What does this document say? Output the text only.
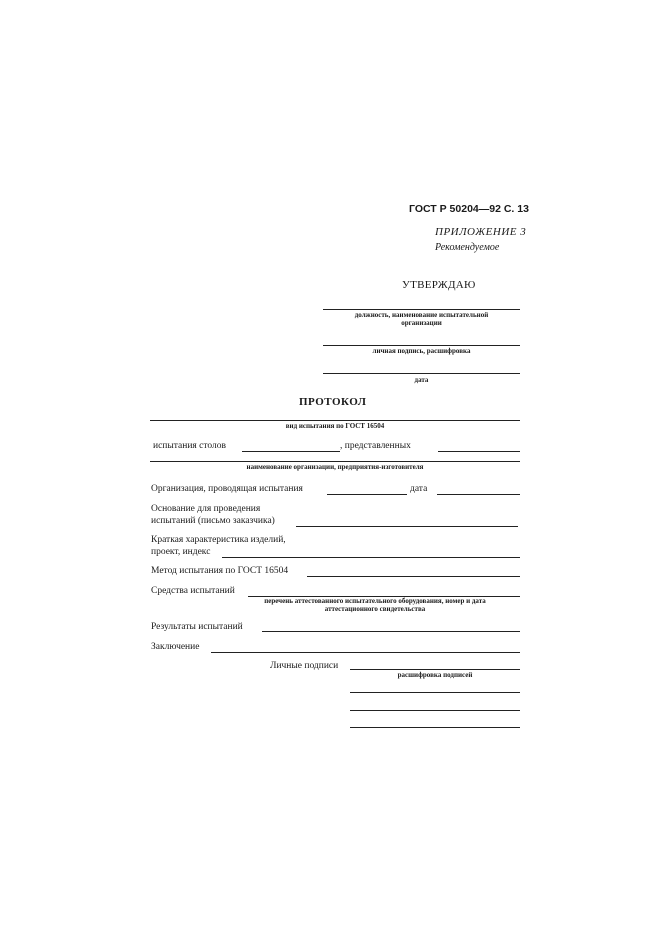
ГОСТ Р 50204—92 С. 13
ПРИЛОЖЕНИЕ 3
Рекомендуемое
УТВЕРЖДАЮ
должность, наименование испытательной
организации
личная подпись, расшифровка
дата
ПРОТОКОЛ
вид испытания по ГОСТ 16504
испытания столов	, представленных
наименование организации, предприятия-изготовителя
Организация, проводящая испытания	дата
Основание для проведения
испытаний (письмо заказчика)
Краткая характеристика изделий,
проект, индекс
Метод испытания по ГОСТ 16504
Средства испытаний
перечень аттестованного испытательного оборудования, номер и дата
аттестационного свидетельства
Результаты испытаний
Заключение
Личные подписи
расшифровка подписей
